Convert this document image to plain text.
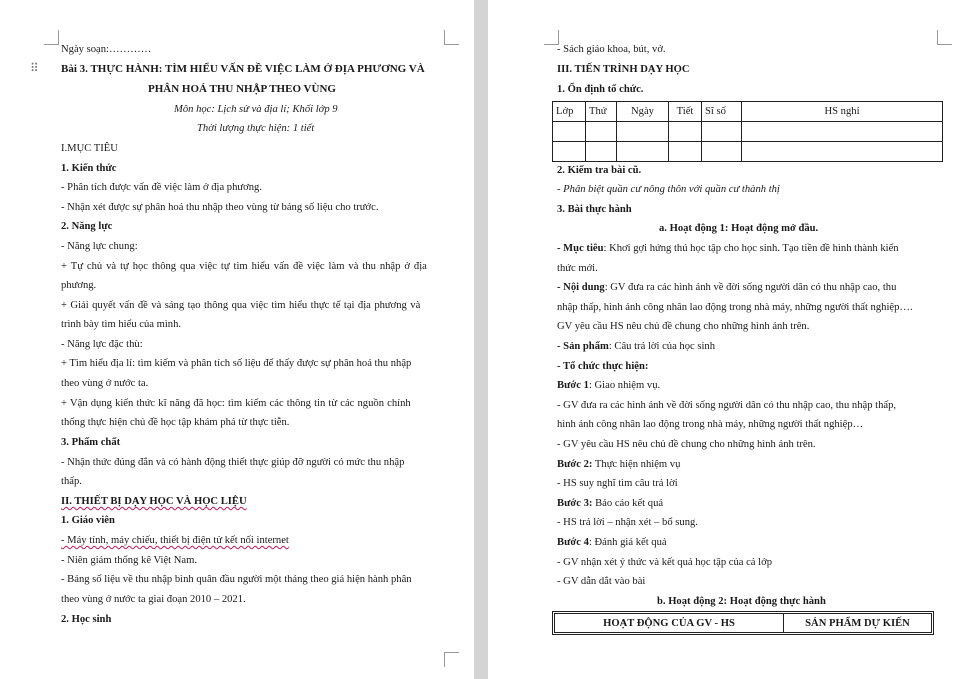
⠿
Ngày soạn:…………
Bài 3. THỰC HÀNH: TÌM HIỂU VẤN ĐỀ VIỆC LÀM Ở ĐỊA PHƯƠNG VÀ
PHÂN HOÁ THU NHẬP THEO VÙNG
Môn học: Lịch sử và địa lí; Khối lớp 9
Thời lượng thực hiện: 1 tiết
I.MỤC TIÊU
1. Kiến thức
- Phân tích được vấn đề việc làm ở địa phương.
- Nhận xét được sự phân hoá thu nhập theo vùng từ bảng số liệu cho trước.
2. Năng lực
- Năng lực chung:
+ Tự chủ và tự học thông qua việc tự tìm hiểu vấn đề việc làm và thu nhập ở địa
phương.
+ Giải quyết vấn đề và sáng tạo thông qua việc tìm hiểu thực tế tại địa phương và
trình bày tìm hiểu của mình.
- Năng lực đặc thù:
+ Tìm hiểu địa lí: tìm kiếm và phân tích số liệu để thấy được sự phân hoá thu nhập
theo vùng ở nước ta.
+ Vận dụng kiến thức kĩ năng đã học: tìm kiếm các thông tin từ các nguồn chính
thống thực hiện chủ đề học tập khám phá từ thực tiễn.
3. Phẩm chất
- Nhận thức đúng đắn và có hành động thiết thực giúp đỡ người có mức thu nhập
thấp.
II. THIẾT BỊ DẠY HỌC VÀ HỌC LIỆU
1. Giáo viên
- Máy tính, máy chiếu, thiết bị điện tử kết nối internet
- Niên giám thống kê Việt Nam.
- Bảng số liệu về thu nhập bình quân đầu người một tháng theo giá hiện hành phân
theo vùng ở nước ta giai đoạn 2010 – 2021.
2. Học sinh
- Sách giáo khoa, bút, vở.
III. TIẾN TRÌNH DẠY HỌC
1. Ổn định tổ chức.
Lớp	Thứ	Ngày	Tiết	Sĩ số	HS nghỉ

2. Kiểm tra bài cũ.
- Phân biệt quần cư nông thôn với quần cư thành thị
3. Bài thực hành
a. Hoạt động 1: Hoạt động mở đầu.
- Mục tiêu: Khơi gợi hứng thú học tập cho học sinh. Tạo tiền đề hình thành kiến
thức mới.
- Nội dung: GV đưa ra các hình ảnh về đời sống người dân có thu nhập cao, thu
nhập thấp, hình ảnh công nhân lao động trong nhà máy, những người thất nghiệp….
GV yêu cầu HS nêu chủ đề chung cho những hình ảnh trên.
- Sản phẩm: Câu trả lời của học sinh
- Tổ chức thực hiện:
Bước 1: Giao nhiệm vụ.
- GV đưa ra các hình ảnh về đời sống người dân có thu nhập cao, thu nhập thấp,
hình ảnh công nhân lao động trong nhà máy, những người thất nghiệp…
- GV yêu cầu HS nêu chủ đề chung cho những hình ảnh trên.
Bước 2: Thực hiện nhiệm vụ
- HS suy nghĩ tìm câu trả lời
Bước 3: Báo cáo kết quả
- HS trả lời – nhận xét – bổ sung.
Bước 4: Đánh giá kết quả
- GV nhận xét ý thức và kết quả học tập của cả lớp
- GV dẫn dắt vào bài
b. Hoạt động 2: Hoạt động thực hành
HOẠT ĐỘNG CỦA GV - HS	SẢN PHẨM DỰ KIẾN
